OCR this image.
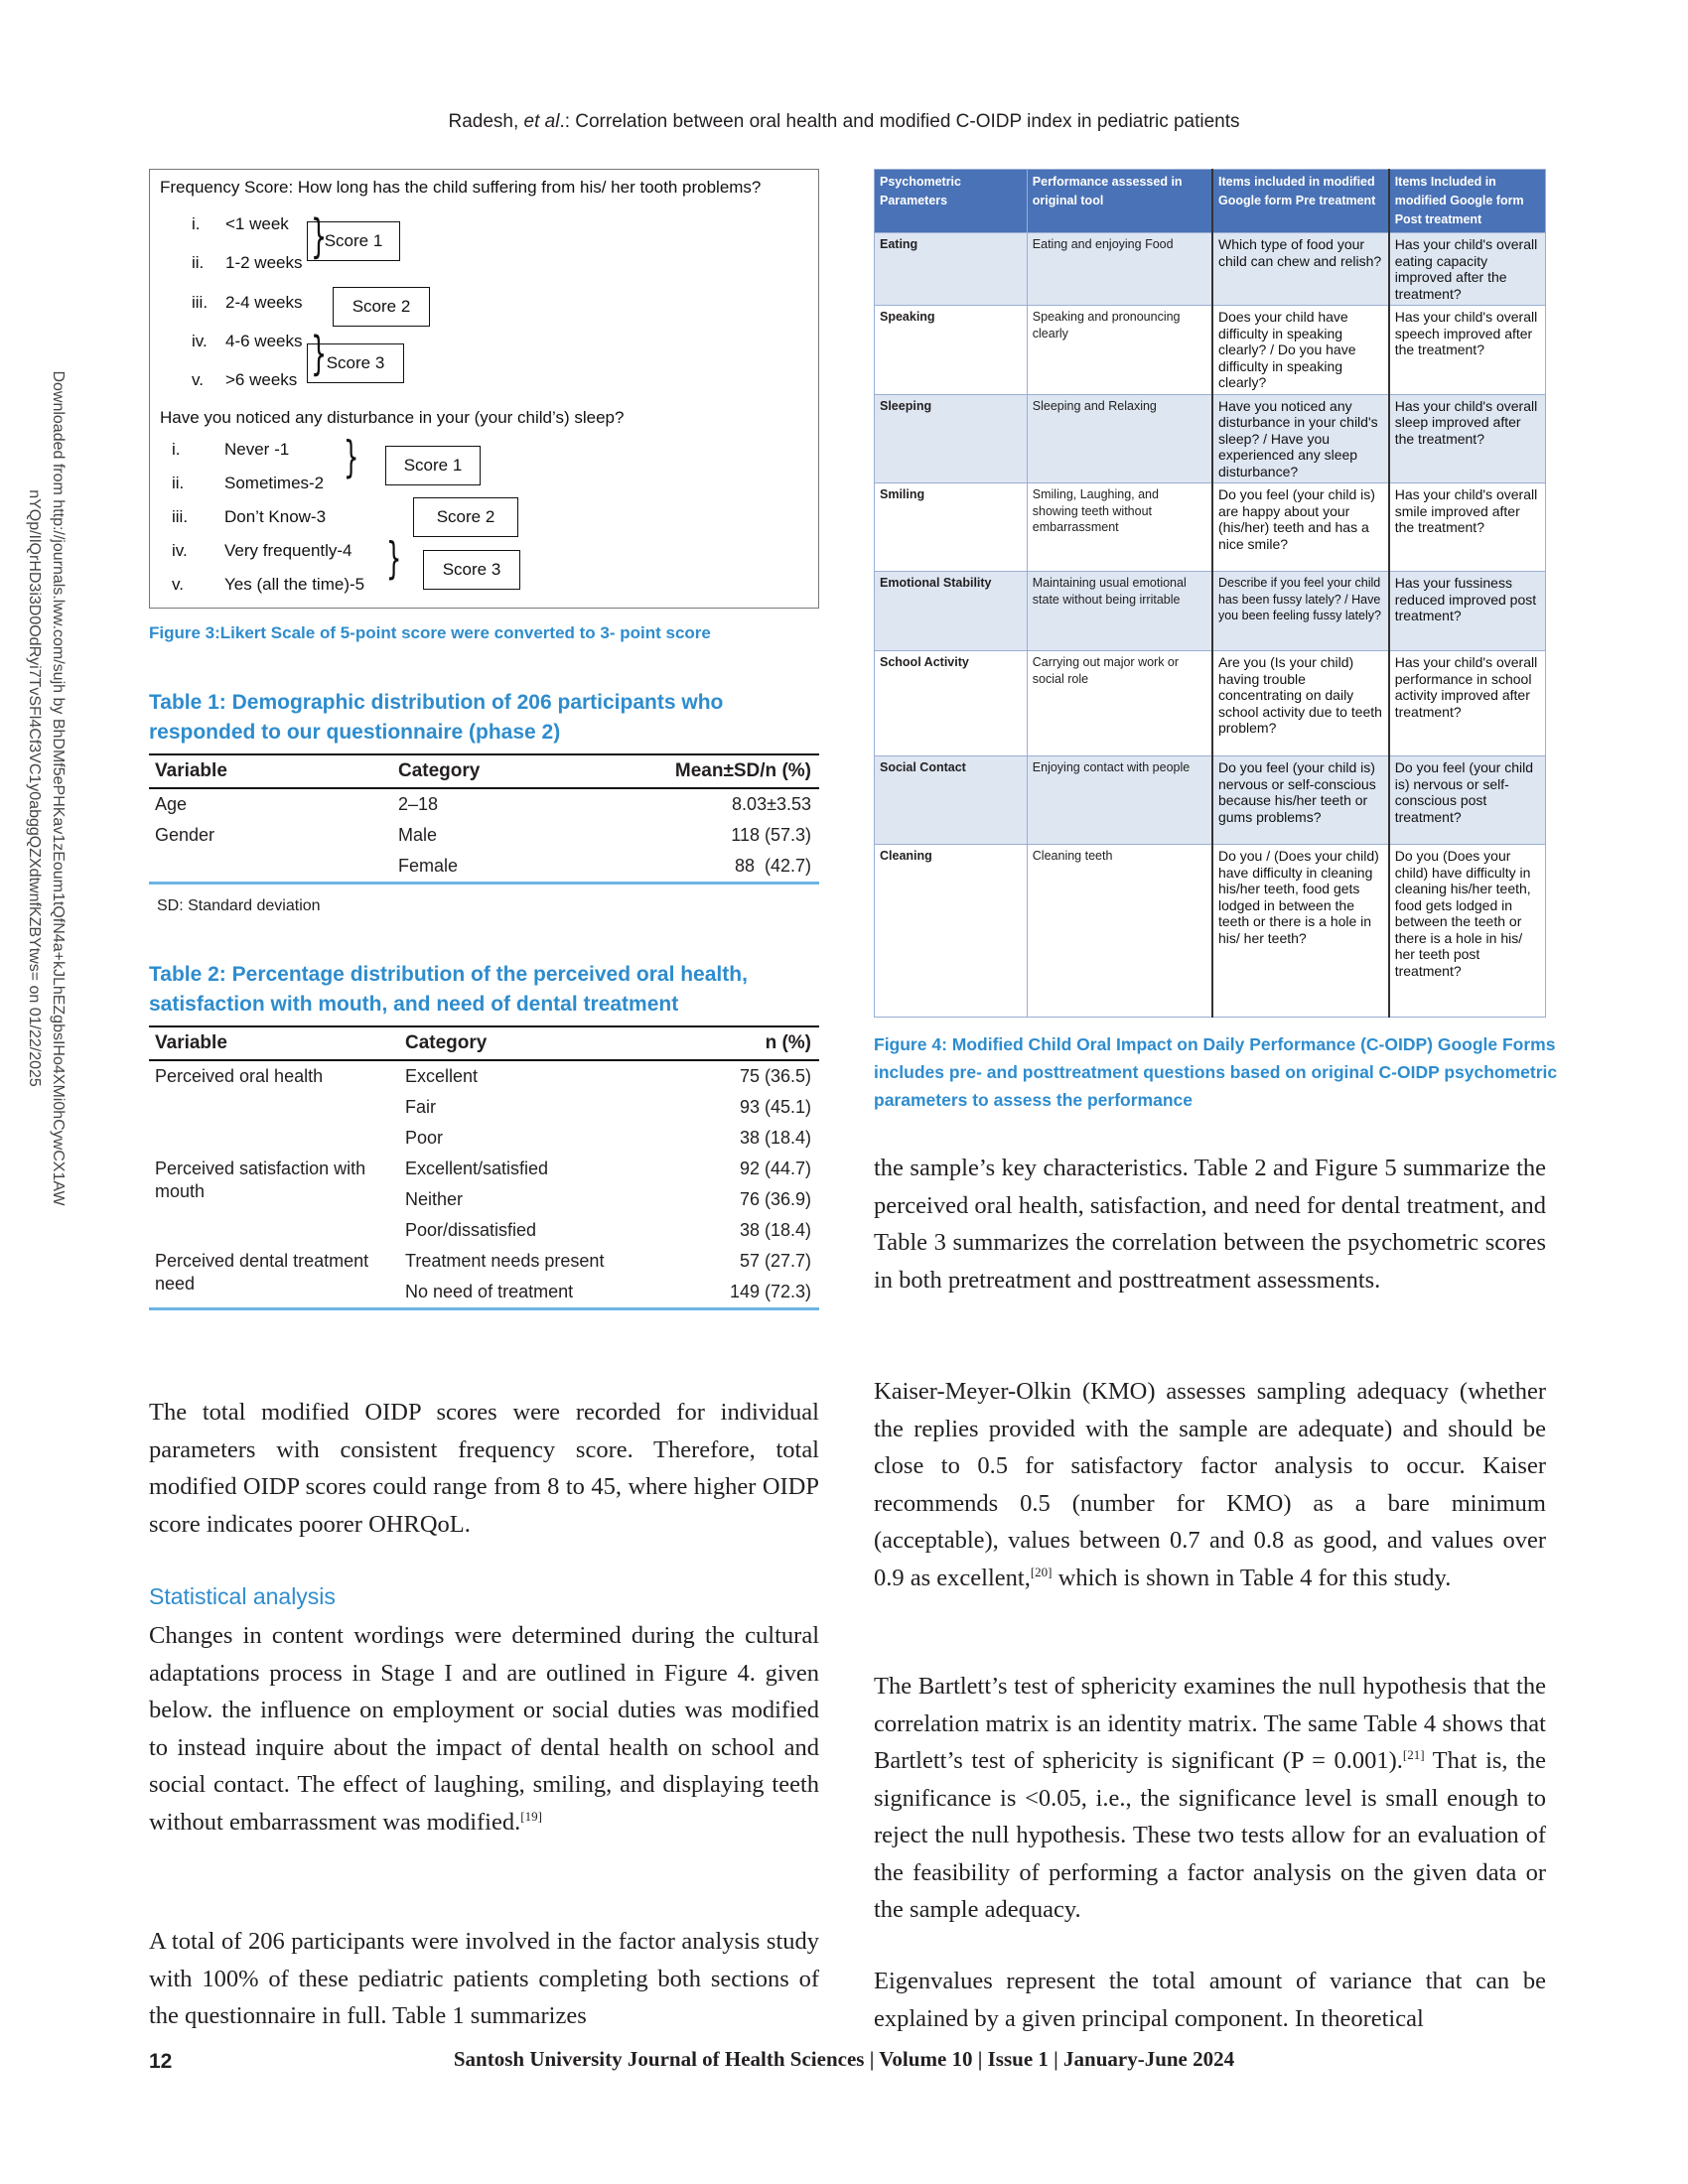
Radesh, et al.: Correlation between oral health and modified C-OIDP index in pediatric patients
Downloaded from http://journals.lww.com/sujh by BhDMf5ePHKav1zEoum1tQfN4a+kJLhEZgbsIHo4XMi0hCywCX1AW
nYQp/IlQrHD3i3D0OdRyi7TvSFl4Cf3VC1y0abggQZXdtwnfKZBYtws= on 01/22/2025
Frequency Score: How long has the child suffering from his/ her tooth problems?
i. <1 week
ii. 1-2 weeks
iii. 2-4 weeks
iv. 4-6 weeks
v. >6 weeks
}
}
Score 1
Score 2
Score 3
Have you noticed any disturbance in your (your child’s) sleep?
i.	Never -1
ii. Sometimes-2
iii. Don’t Know-3
iv. Very frequently-4
v. Yes (all the time)-5
}
}
Score 1
Score 2
Score 3
Figure 3:Likert Scale of 5-point score were converted to 3- point score
Table 1: Demographic distribution of 206 participants who responded to our questionnaire (phase 2)
Variable	Category	Mean±SD/n (%)
Age	2–18	8.03±3.53
Gender	Male	118 (57.3)
	Female	88  (42.7)
SD: Standard deviation
Table 2: Percentage distribution of the perceived oral health, satisfaction with mouth, and need of dental treatment
Variable	Category	n (%)
Perceived oral health	Excellent	75 (36.5)
	Fair	93 (45.1)
	Poor	38 (18.4)
Perceived satisfaction with mouth	Excellent/satisfied	92 (44.7)
	Neither	76 (36.9)
	Poor/dissatisfied	38 (18.4)
Perceived dental treatment need	Treatment needs present	57 (27.7)
	No need of treatment	149 (72.3)
The total modified OIDP scores were recorded for individual parameters with consistent frequency score. Therefore, total modified OIDP scores could range from 8 to 45, where higher OIDP score indicates poorer OHRQoL.
Statistical analysis
Changes in content wordings were determined during the cultural adaptations process in Stage I and are outlined in Figure 4. given below. the influence on employment or social duties was modified to instead inquire about the impact of dental health on school and social contact. The effect of laughing, smiling, and displaying teeth without embarrassment was modified.[19]
A total of 206 participants were involved in the factor analysis study with 100% of these pediatric patients completing both sections of the questionnaire in full. Table 1 summarizes
Psychometric Parameters	Performance assessed in original tool	Items included in modified Google form Pre treatment	Items Included in modified Google form Post treatment
Eating	Eating and enjoying Food	Which type of food your child can chew and relish?	Has your child's overall eating capacity improved after the treatment?
Speaking	Speaking and pronouncing clearly	Does your child have difficulty in speaking clearly? / Do you have difficulty in speaking clearly?	Has your child's overall speech improved after the treatment?
Sleeping	Sleeping and Relaxing	Have you noticed any disturbance in your child's sleep? / Have you experienced any sleep disturbance?	Has your child's overall sleep improved after the treatment?
Smiling	Smiling, Laughing, and showing teeth without embarrassment	Do you feel (your child is) are happy about your (his/her) teeth and has a nice smile?	Has your child's overall smile improved after the treatment?
Emotional Stability	Maintaining usual emotional state without being irritable	Describe if you feel your child has been fussy lately? / Have you been feeling fussy lately?	Has your fussiness reduced improved post treatment?
School Activity	Carrying out major work or social role	Are you (Is your child) having trouble concentrating on daily school activity due to teeth problem?	Has your child's overall performance in school activity improved after treatment?
Social Contact	Enjoying contact with people	Do you feel (your child is) nervous or self-conscious because his/her teeth or gums problems?	Do you feel (your child is) nervous or self-conscious post treatment?
Cleaning	Cleaning teeth	Do you / (Does your child) have difficulty in cleaning his/her teeth, food gets lodged in between the teeth or there is a hole in his/ her teeth?	Do you (Does your child) have difficulty in cleaning his/her teeth, food gets lodged in between the teeth or there is a hole in his/ her teeth post treatment?
Figure 4: Modified Child Oral Impact on Daily Performance (C-OIDP) Google Forms includes pre- and posttreatment questions based on original C-OIDP psychometric parameters to assess the performance
the sample’s key characteristics. Table 2 and Figure 5 summarize the perceived oral health, satisfaction, and need for dental treatment, and Table 3 summarizes the correlation between the psychometric scores in both pretreatment and posttreatment assessments.
Kaiser-Meyer-Olkin (KMO) assesses sampling adequacy (whether the replies provided with the sample are adequate) and should be close to 0.5 for satisfactory factor analysis to occur. Kaiser recommends 0.5 (number for KMO) as a bare minimum (acceptable), values between 0.7 and 0.8 as good, and values over 0.9 as excellent,[20] which is shown in Table 4 for this study.
The Bartlett’s test of sphericity examines the null hypothesis that the correlation matrix is an identity matrix. The same Table 4 shows that Bartlett’s test of sphericity is significant (P = 0.001).[21] That is, the significance is <0.05, i.e., the significance level is small enough to reject the null hypothesis. These two tests allow for an evaluation of the feasibility of performing a factor analysis on the given data or the sample adequacy.
Eigenvalues represent the total amount of variance that can be explained by a given principal component. In theoretical
Santosh University Journal of Health Sciences | Volume 10 | Issue 1 | January-June 2024
12
